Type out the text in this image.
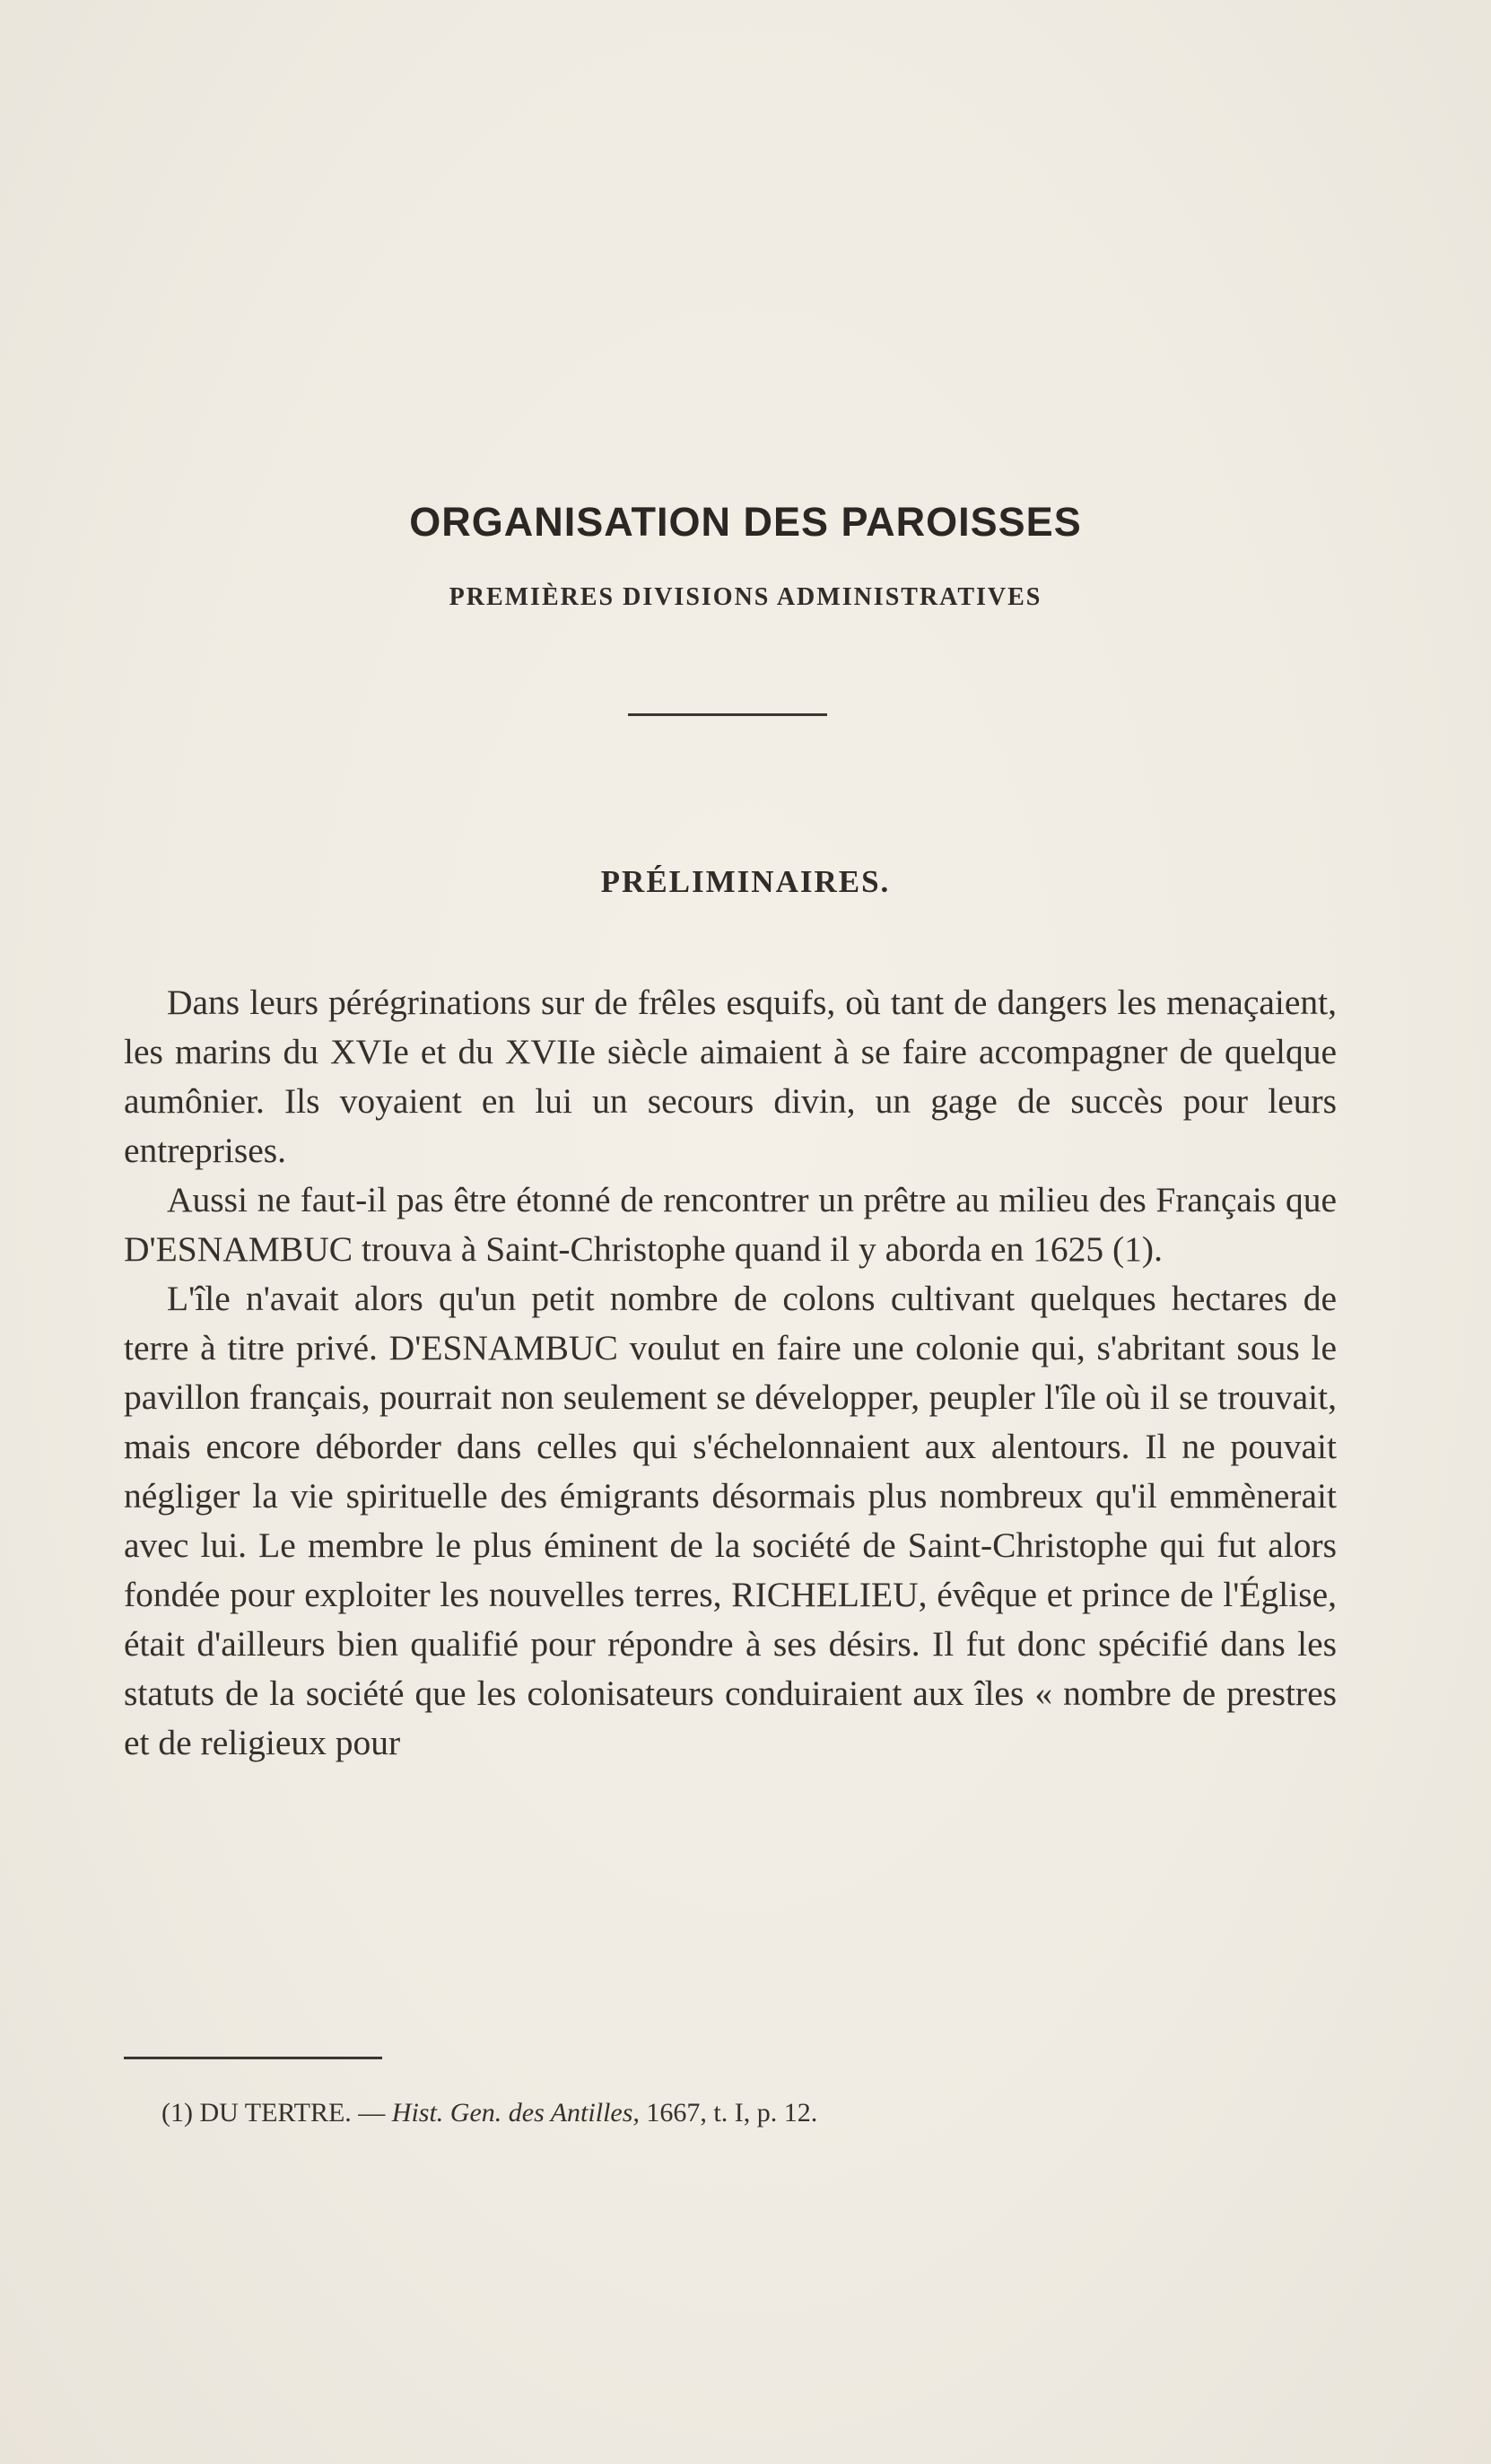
ORGANISATION DES PAROISSES
PREMIÈRES DIVISIONS ADMINISTRATIVES
PRÉLIMINAIRES.

Dans leurs pérégrinations sur de frêles esquifs, où tant de dangers les menaçaient, les marins du XVIe et du XVIIe siècle aimaient à se faire accompagner de quelque aumônier. Ils voyaient en lui un secours divin, un gage de succès pour leurs entreprises.

Aussi ne faut-il pas être étonné de rencontrer un prêtre au milieu des Français que D'ESNAMBUC trouva à Saint-Christophe quand il y aborda en 1625 (1).

L'île n'avait alors qu'un petit nombre de colons cultivant quelques hectares de terre à titre privé. D'ESNAMBUC voulut en faire une colonie qui, s'abritant sous le pavillon français, pourrait non seulement se développer, peupler l'île où il se trouvait, mais encore déborder dans celles qui s'échelonnaient aux alentours. Il ne pouvait négliger la vie spirituelle des émigrants désormais plus nombreux qu'il emmènerait avec lui. Le membre le plus éminent de la société de Saint-Christophe qui fut alors fondée pour exploiter les nouvelles terres, RICHELIEU, évêque et prince de l'Église, était d'ailleurs bien qualifié pour répondre à ses désirs. Il fut donc spécifié dans les statuts de la société que les colonisateurs conduiraient aux îles « nombre de prestres et de religieux pour

(1) DU TERTRE. — Hist. Gen. des Antilles, 1667, t. I, p. 12.
